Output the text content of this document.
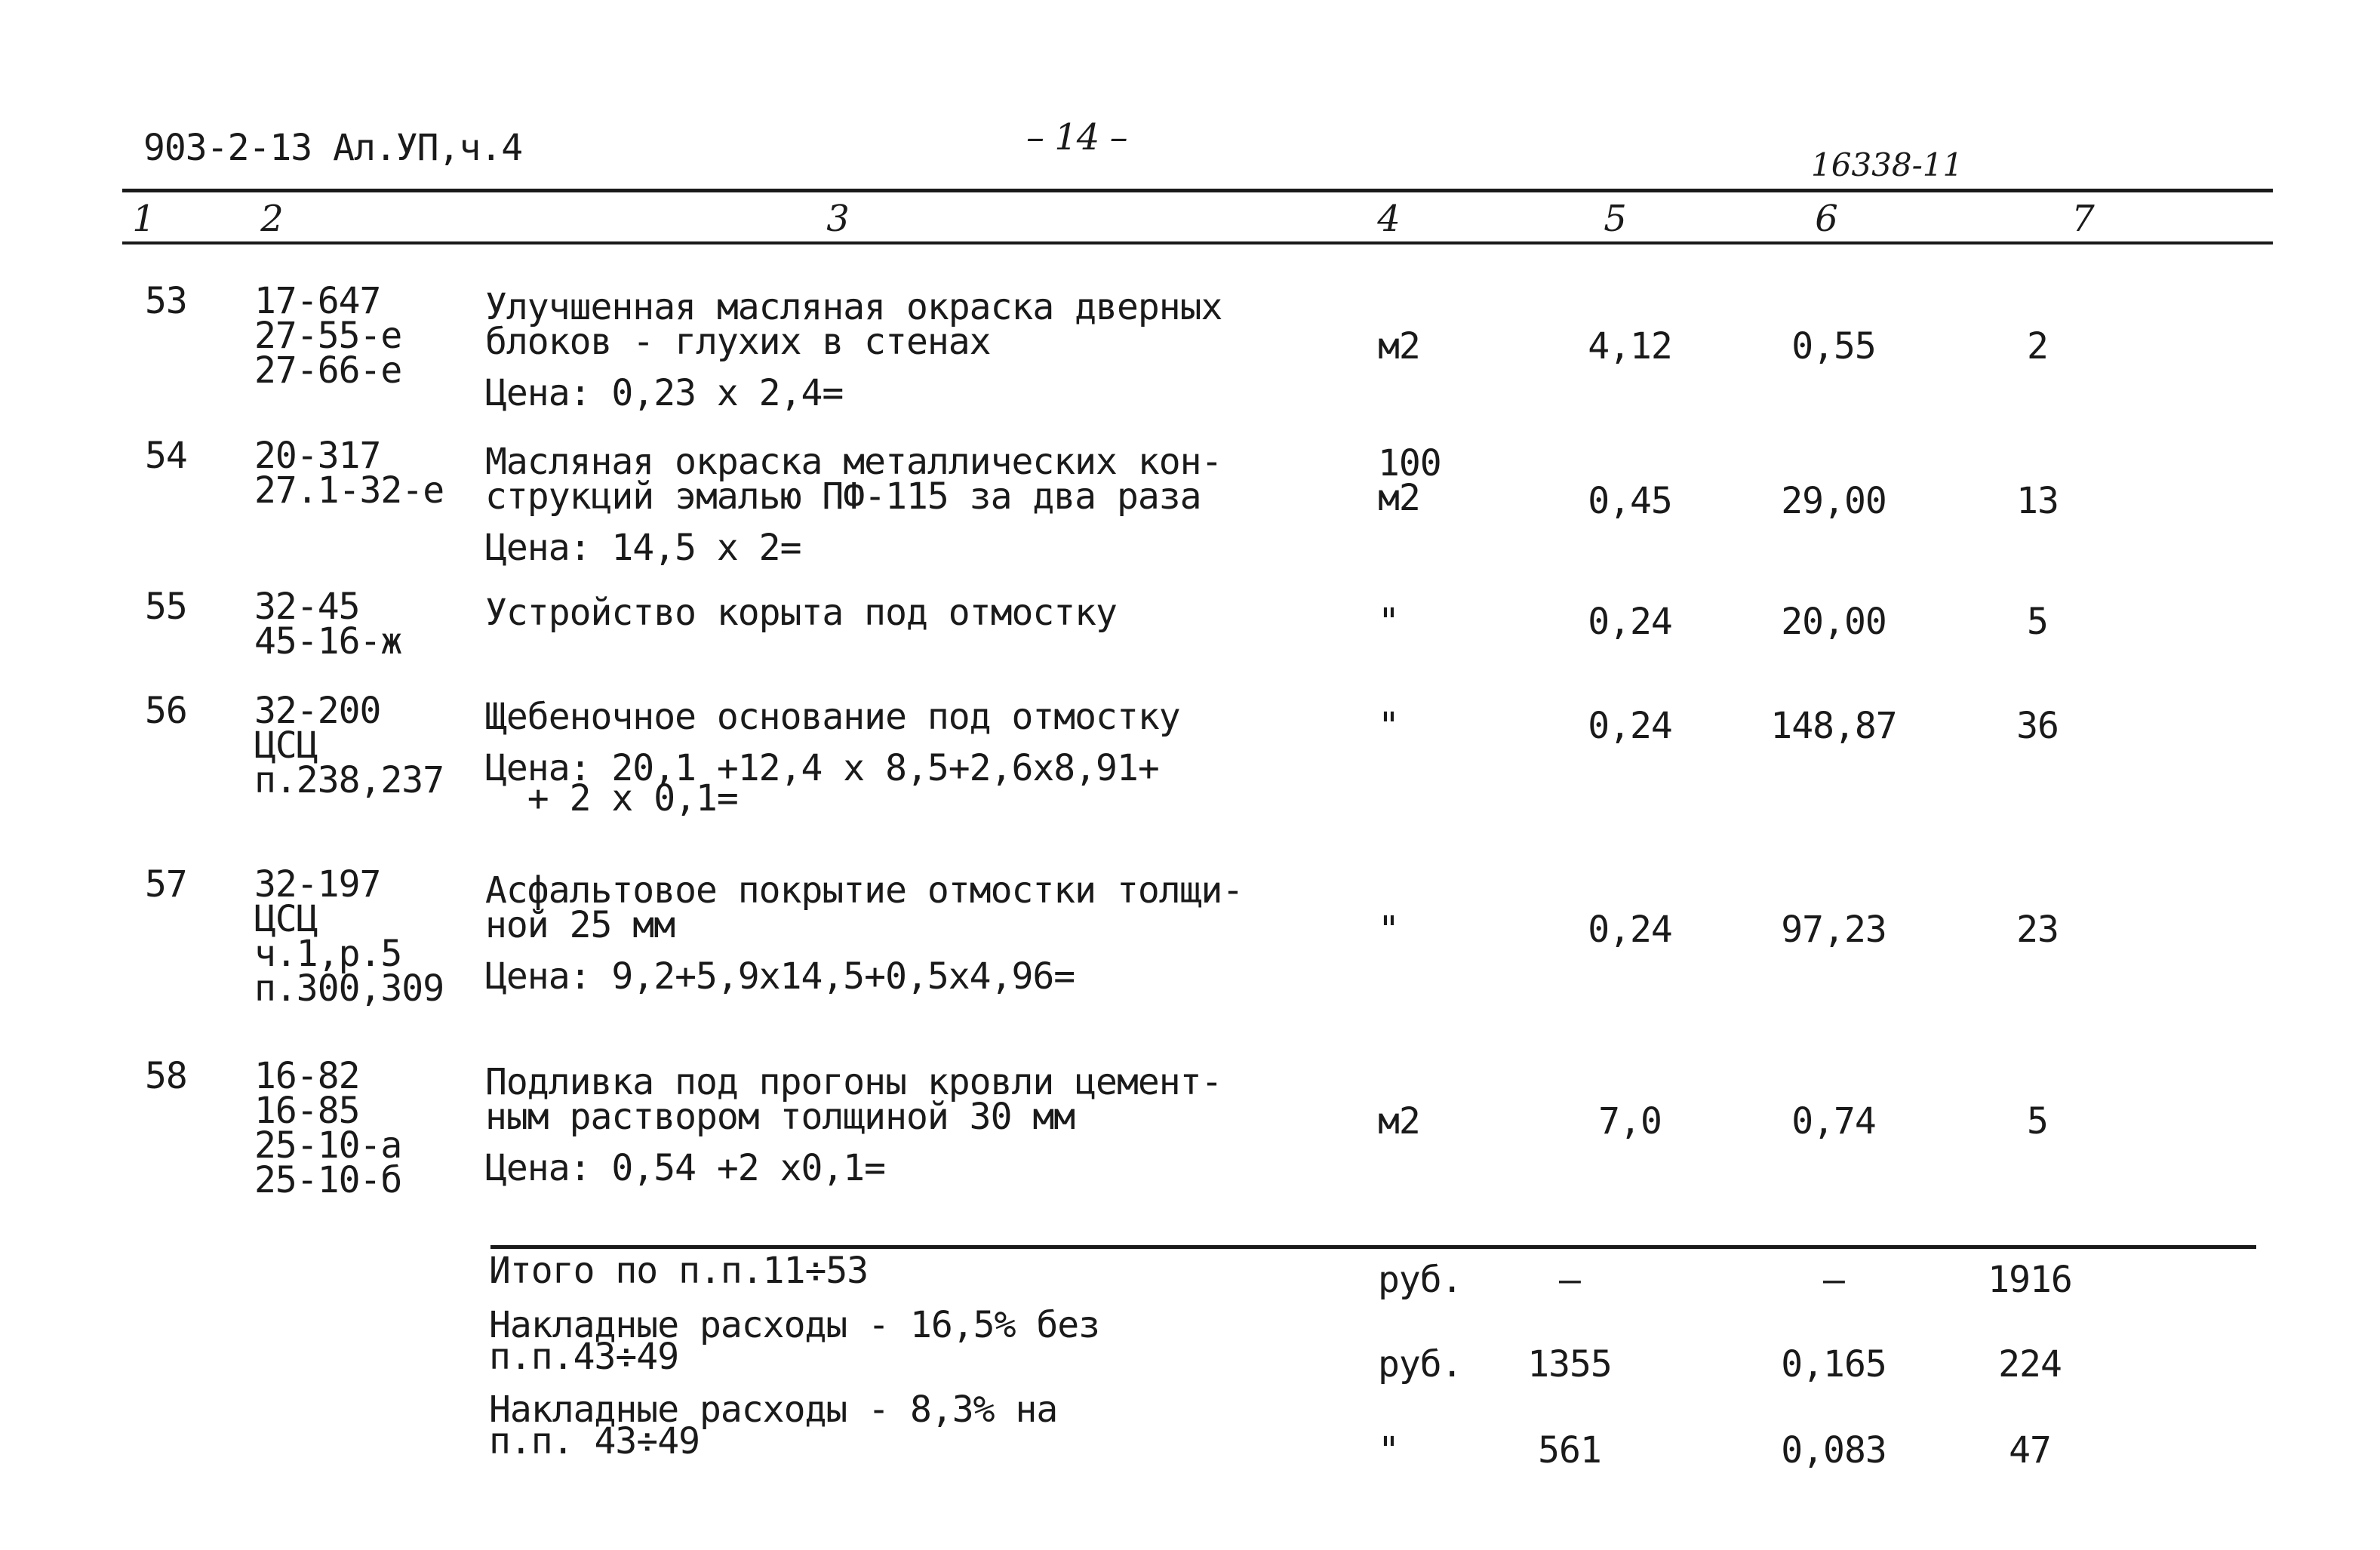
903-2-13 Ал.УП,ч.4	– 14 –
16338-11
1	2	3	4	5	6	7
53 17-647
27-55-е
27-66-е
Улучшенная масляная окраска дверных
блоков - глухих в стенах
Цена: 0,23 х 2,4=
м2	4,12	0,55	2
54 20-317
27.1-32-е
Масляная окраска металлических кон-
струкций эмалью ПФ-115 за два раза
Цена: 14,5 х 2=
100
м2	0,45	29,00	13
55 32-45
45-16-ж
Устройство корыта под отмостку	"	0,24	20,00	5
56 32-200
ЦСЦ
п.238,237
Щебеночное основание под отмостку
Цена: 20,1 +12,4 х 8,5+2,6х8,91+
+ 2 х 0,1=
"	0,24	148,87	36
57 32-197
ЦСЦ
ч.1,р.5
п.300,309
Асфальтовое покрытие отмостки толщи-
ной 25 мм
Цена: 9,2+5,9х14,5+0,5х4,96=
"	0,24	97,23	23
58 16-82
16-85
25-10-а
25-10-б
Подливка под прогоны кровли цемент-
ным раствором толщиной 30 мм
Цена: 0,54 +2 х0,1=
м2	7,0	0,74	5
Итого по п.п.11÷53	руб.	–	–	1916
Накладные расходы - 16,5% без
п.п.43÷49	руб.	1355	0,165	224
Накладные расходы - 8,3% на
п.п. 43÷49	"	561	0,083	47
